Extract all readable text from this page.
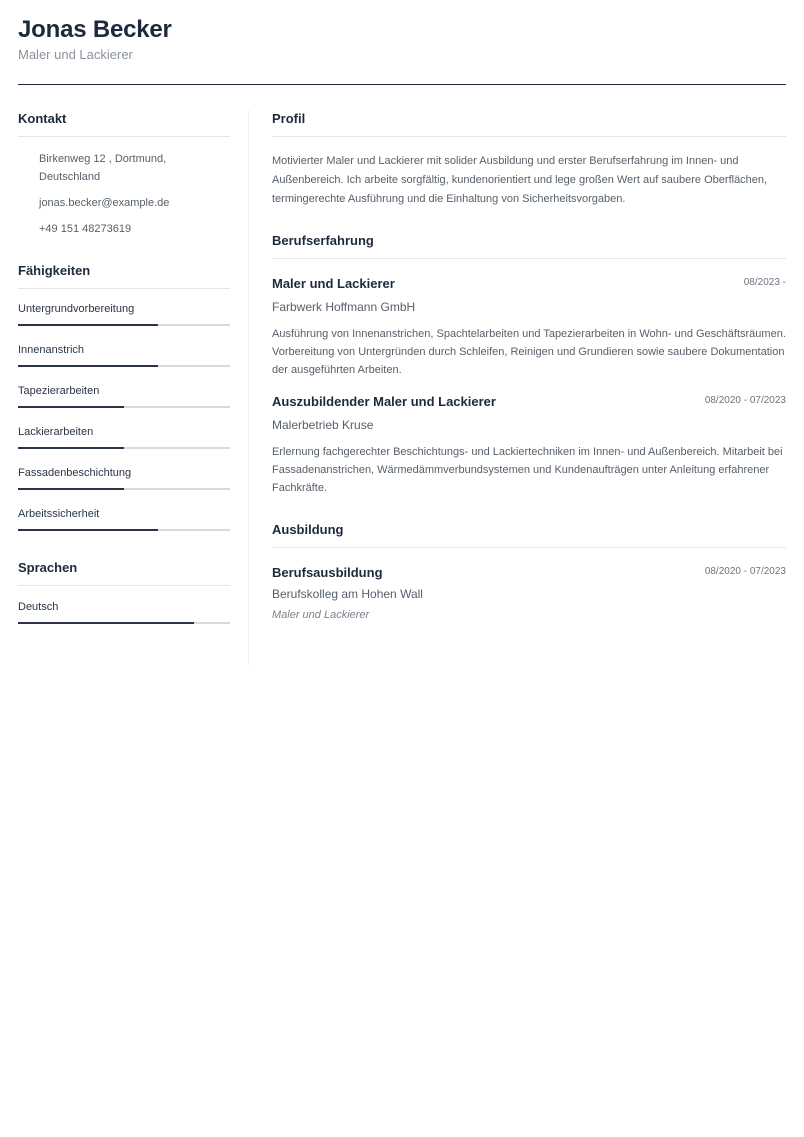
Jonas Becker
Maler und Lackierer
Kontakt
Birkenweg 12 , Dortmund,
Deutschland
jonas.becker@example.de
+49 151 48273619
Fähigkeiten
Untergrundvorbereitung
Innenanstrich
Tapezierarbeiten
Lackierarbeiten
Fassadenbeschichtung
Arbeitssicherheit
Sprachen
Deutsch
Profil
Motivierter Maler und Lackierer mit solider Ausbildung und erster Berufserfahrung im Innen- und Außenbereich. Ich arbeite sorgfältig, kundenorientiert und lege großen Wert auf saubere Oberflächen, termingerechte Ausführung und die Einhaltung von Sicherheitsvorgaben.
Berufserfahrung
Maler und Lackierer	08/2023 -
Farbwerk Hoffmann GmbH
Ausführung von Innenanstrichen, Spachtelarbeiten und Tapezierarbeiten in Wohn- und Geschäftsräumen. Vorbereitung von Untergründen durch Schleifen, Reinigen und Grundieren sowie saubere Dokumentation der ausgeführten Arbeiten.
Auszubildender Maler und Lackierer	08/2020 - 07/2023
Malerbetrieb Kruse
Erlernung fachgerechter Beschichtungs- und Lackiertechniken im Innen- und Außenbereich. Mitarbeit bei Fassadenanstrichen, Wärmedämmverbundsystemen und Kundenaufträgen unter Anleitung erfahrener Fachkräfte.
Ausbildung
Berufsausbildung	08/2020 - 07/2023
Berufskolleg am Hohen Wall
Maler und Lackierer
